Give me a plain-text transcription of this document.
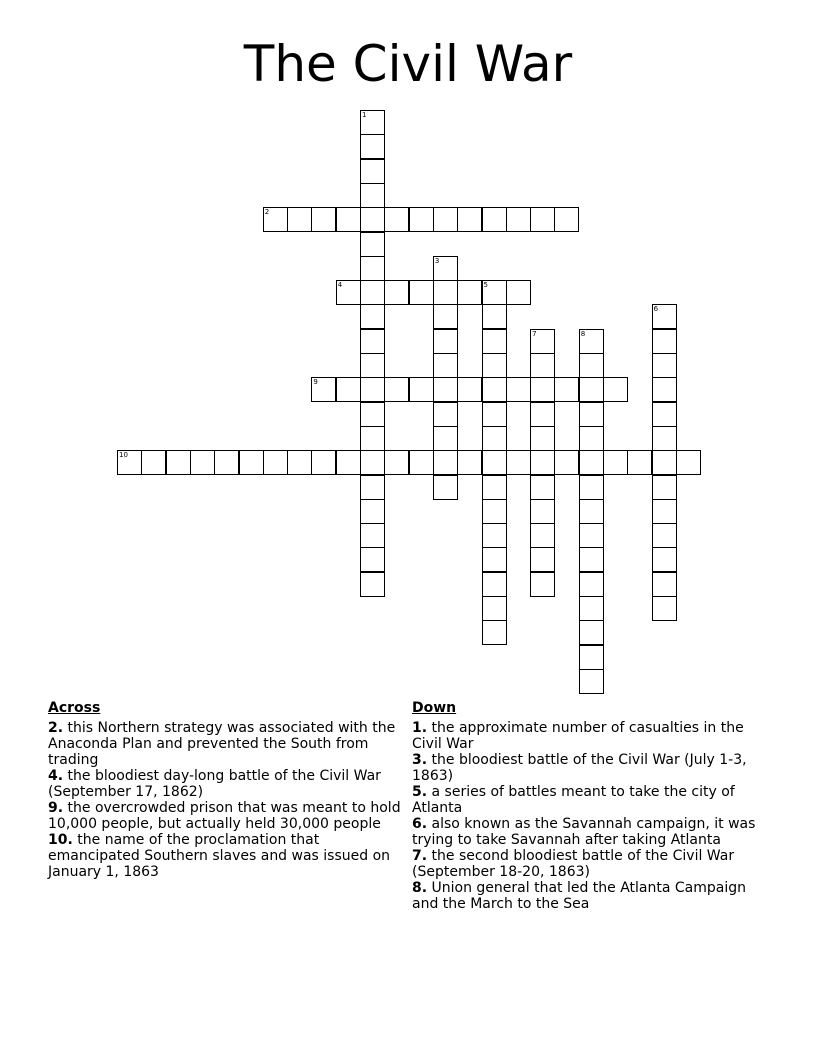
The Civil War
1
2
3
4	5
6
7	8
9
10
Across
2. this Northern strategy was associated with the Anaconda Plan and prevented the South from trading
4. the bloodiest day-long battle of the Civil War (September 17, 1862)
9. the overcrowded prison that was meant to hold 10,000 people, but actually held 30,000 people
10. the name of the proclamation that emancipated Southern slaves and was issued on January 1, 1863
Down
1. the approximate number of casualties in the Civil War
3. the bloodiest battle of the Civil War (July 1-3, 1863)
5. a series of battles meant to take the city of Atlanta
6. also known as the Savannah campaign, it was trying to take Savannah after taking Atlanta
7. the second bloodiest battle of the Civil War (September 18-20, 1863)
8. Union general that led the Atlanta Campaign and the March to the Sea
